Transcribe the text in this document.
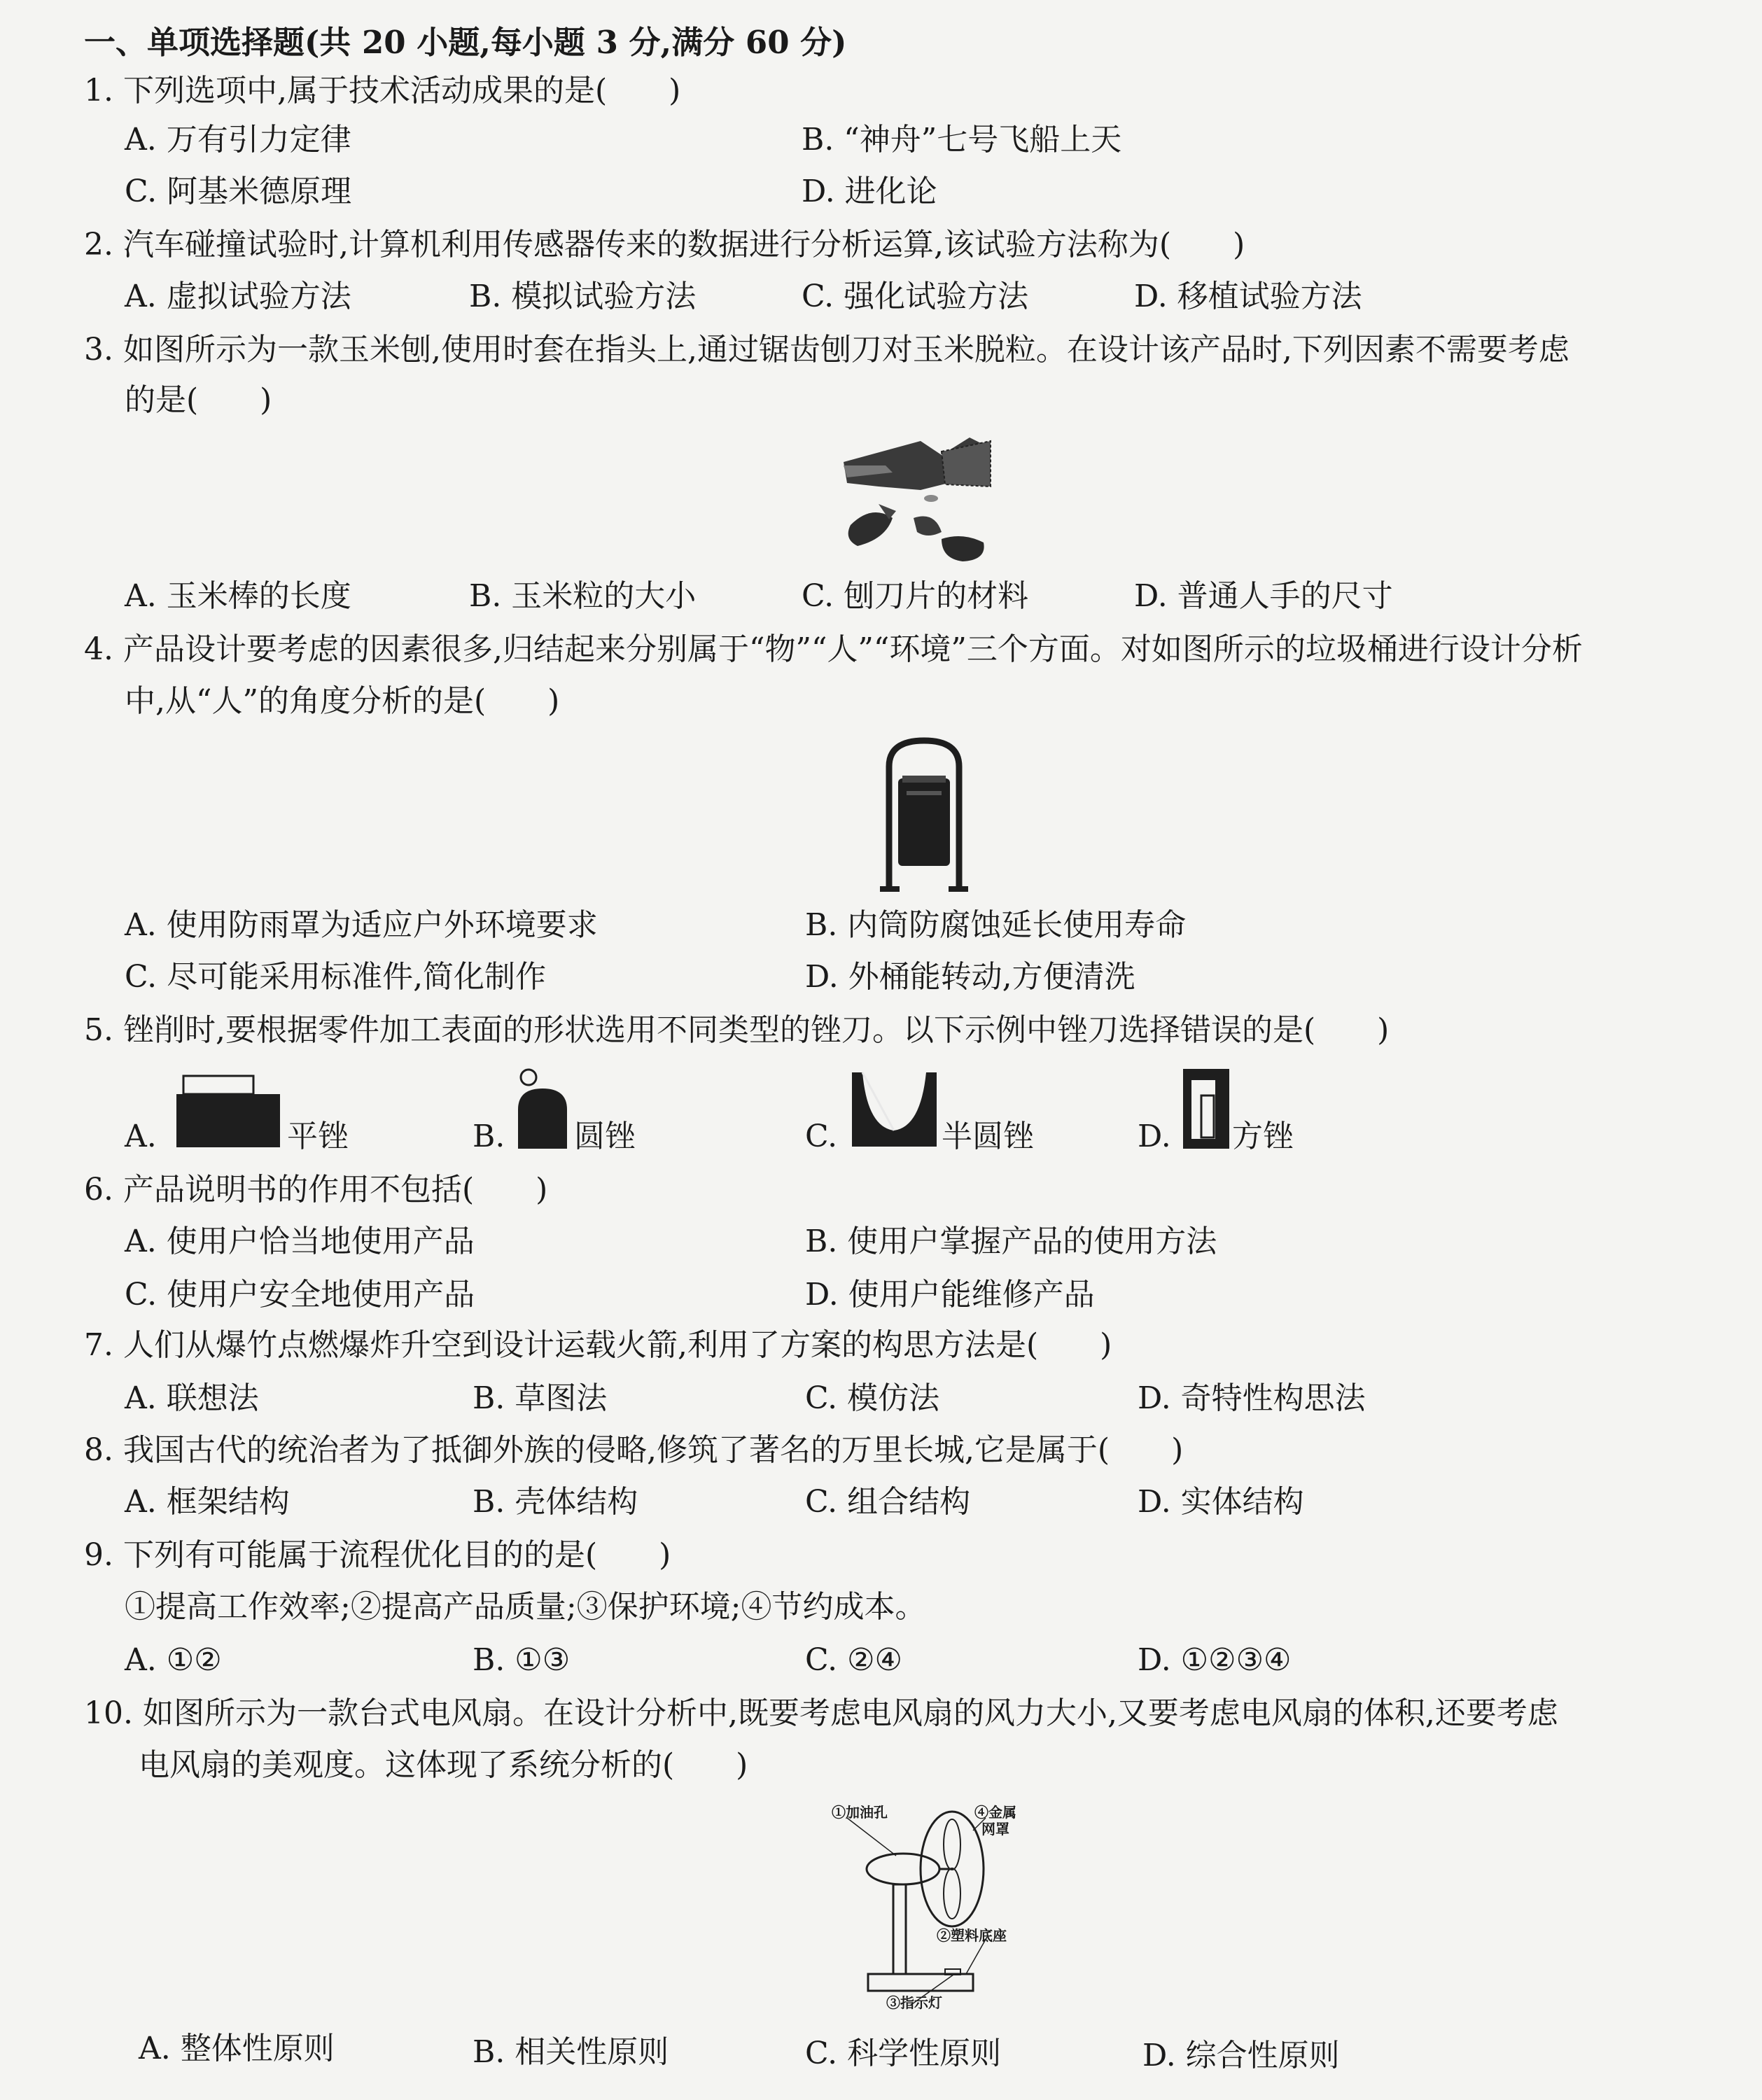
一、单项选择题(共 20 小题,每小题 3 分,满分 60 分)
1. 下列选项中,属于技术活动成果的是(　　)
A. 万有引力定律	B. “神舟”七号飞船上天
C. 阿基米德原理	D. 进化论
2. 汽车碰撞试验时,计算机利用传感器传来的数据进行分析运算,该试验方法称为(　　)
A. 虚拟试验方法	B. 模拟试验方法	C. 强化试验方法	D. 移植试验方法
3. 如图所示为一款玉米刨,使用时套在指头上,通过锯齿刨刀对玉米脱粒。在设计该产品时,下列因素不需要考虑
的是(　　)
A. 玉米棒的长度	B. 玉米粒的大小	C. 刨刀片的材料	D. 普通人手的尺寸
4. 产品设计要考虑的因素很多,归结起来分别属于“物”“人”“环境”三个方面。对如图所示的垃圾桶进行设计分析
中,从“人”的角度分析的是(　　)
A. 使用防雨罩为适应户外环境要求	B. 内筒防腐蚀延长使用寿命
C. 尽可能采用标准件,简化制作	D. 外桶能转动,方便清洗
5. 锉削时,要根据零件加工表面的形状选用不同类型的锉刀。以下示例中锉刀选择错误的是(　　)
A.	平锉	B. 圆锉	C.	半圆锉	D. 方锉
6. 产品说明书的作用不包括(　　)
A. 使用户恰当地使用产品	B. 使用户掌握产品的使用方法
C. 使用户安全地使用产品	D. 使用户能维修产品
7. 人们从爆竹点燃爆炸升空到设计运载火箭,利用了方案的构思方法是(　　)
A. 联想法	B. 草图法	C. 模仿法	D. 奇特性构思法
8. 我国古代的统治者为了抵御外族的侵略,修筑了著名的万里长城,它是属于(　　)
A. 框架结构	B. 壳体结构	C. 组合结构	D. 实体结构
9. 下列有可能属于流程优化目的的是(　　)
①提高工作效率;②提高产品质量;③保护环境;④节约成本。
A. ①②	B. ①③	C. ②④	D. ①②③④
10. 如图所示为一款台式电风扇。在设计分析中,既要考虑电风扇的风力大小,又要考虑电风扇的体积,还要考虑
电风扇的美观度。这体现了系统分析的(　　)
①加油孔	④金属
网罩
②塑料底座
③指示灯
A. 整体性原则	B. 相关性原则	C. 科学性原则	D. 综合性原则
